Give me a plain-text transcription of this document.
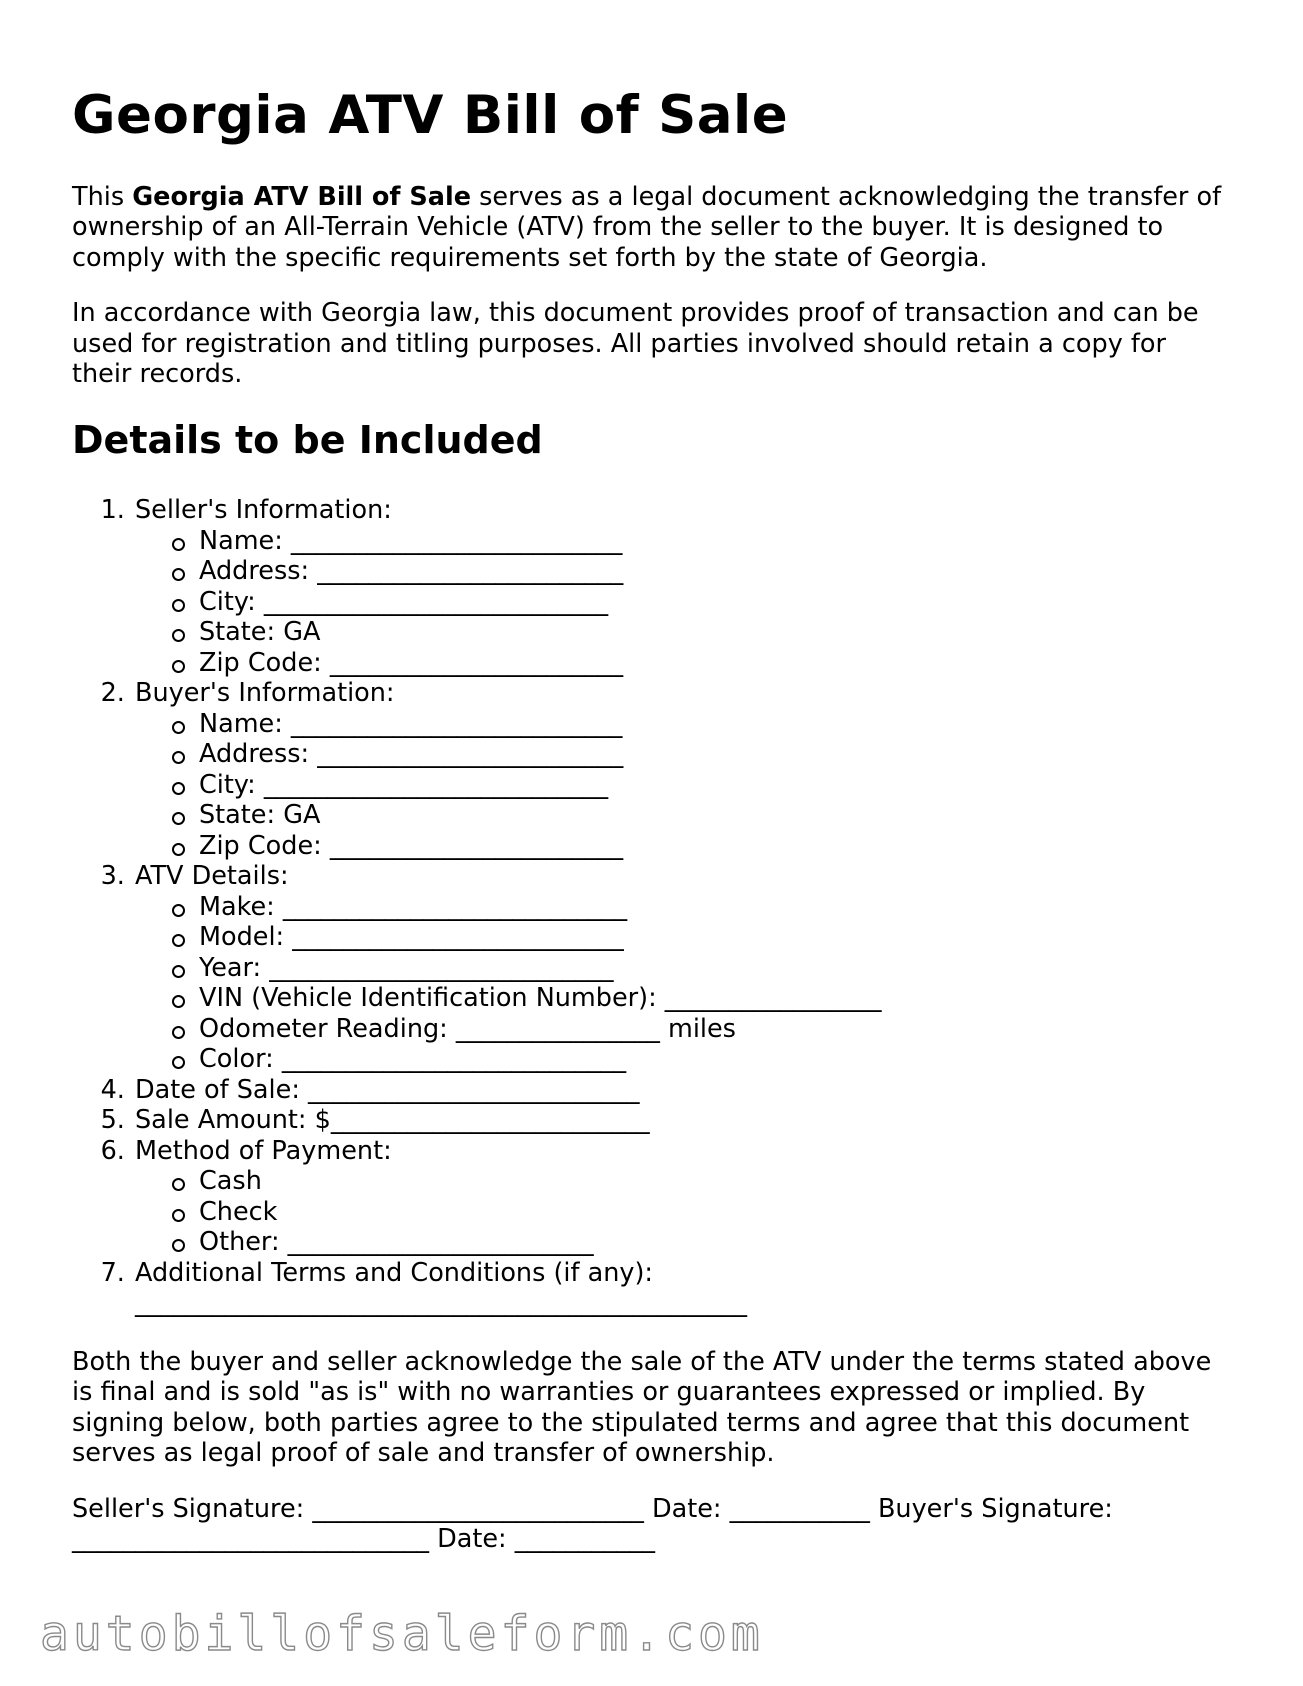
Georgia ATV Bill of Sale

This Georgia ATV Bill of Sale serves as a legal document acknowledging the transfer of ownership of an All-Terrain Vehicle (ATV) from the seller to the buyer. It is designed to comply with the specific requirements set forth by the state of Georgia.

In accordance with Georgia law, this document provides proof of transaction and can be used for registration and titling purposes. All parties involved should retain a copy for their records.

Details to be Included
1. Seller's Information:
Name: __________________________
Address: ________________________
City: ___________________________
State: GA
Zip Code: _______________________
2. Buyer's Information:
Name: __________________________
Address: ________________________
City: ___________________________
State: GA
Zip Code: _______________________
3. ATV Details:
Make: ___________________________
Model: __________________________
Year: ___________________________
VIN (Vehicle Identification Number): _________________
Odometer Reading: ________________ miles
Color: ___________________________
4. Date of Sale: __________________________
5. Sale Amount: $_________________________
6. Method of Payment:
Cash
Check
Other: ________________________
7. Additional Terms and Conditions (if any):
________________________________________________

Both the buyer and seller acknowledge the sale of the ATV under the terms stated above is final and is sold "as is" with no warranties or guarantees expressed or implied. By signing below, both parties agree to the stipulated terms and agree that this document serves as legal proof of sale and transfer of ownership.

Seller's Signature: __________________________ Date: ___________ Buyer's Signature: ____________________________ Date: ___________

autobillofsaleform.com
